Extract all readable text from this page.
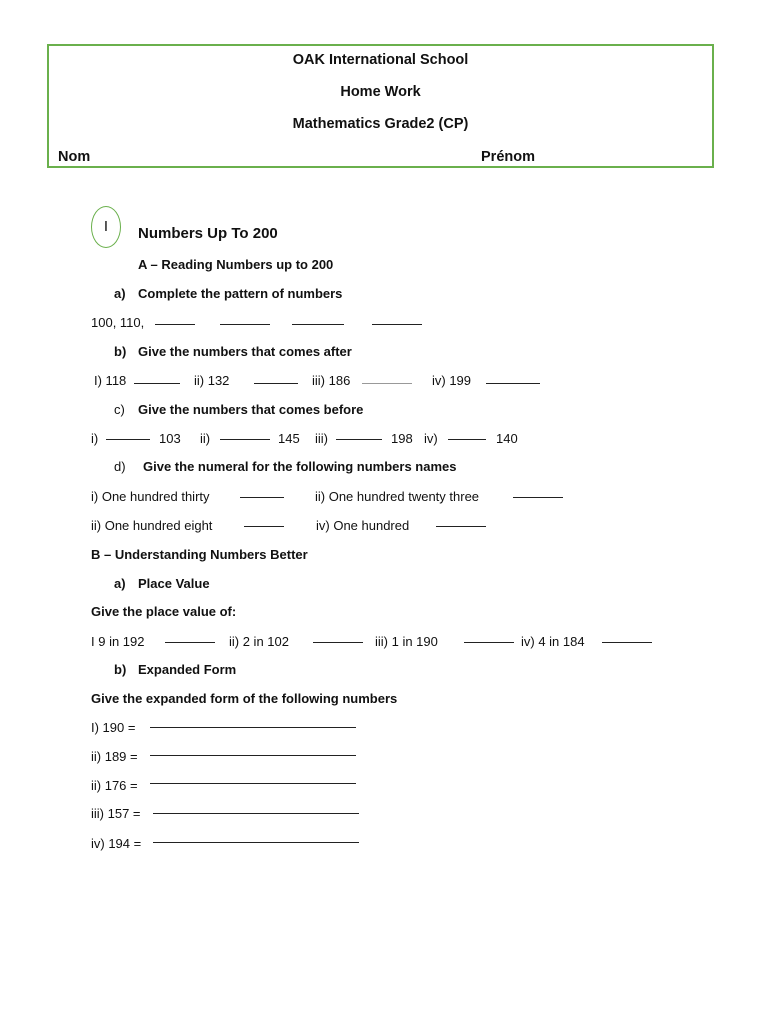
OAK International School
Home Work
Mathematics Grade2 (CP)
Nom	Prénom
I	Numbers Up To 200
A – Reading Numbers up to 200
a) Complete the pattern of numbers
100, 110,
b) Give the numbers that comes after
I) 118	ii) 132	iii) 186	iv) 199
c) Give the numbers that comes before
i)	103 ii)	145 iii)	198 iv)	140
d) Give the numeral for the following numbers names
i) One hundred thirty	ii) One hundred twenty three
ii) One hundred eight	iv) One hundred
B – Understanding Numbers Better
a) Place Value
Give the place value of:
I 9 in 192	ii) 2 in 102	iii) 1 in 190	iv) 4 in 184
b) Expanded Form
Give the expanded form of the following numbers
I) 190 =
ii) 189 =
ii) 176 =
iii) 157 =
iv) 194 =
